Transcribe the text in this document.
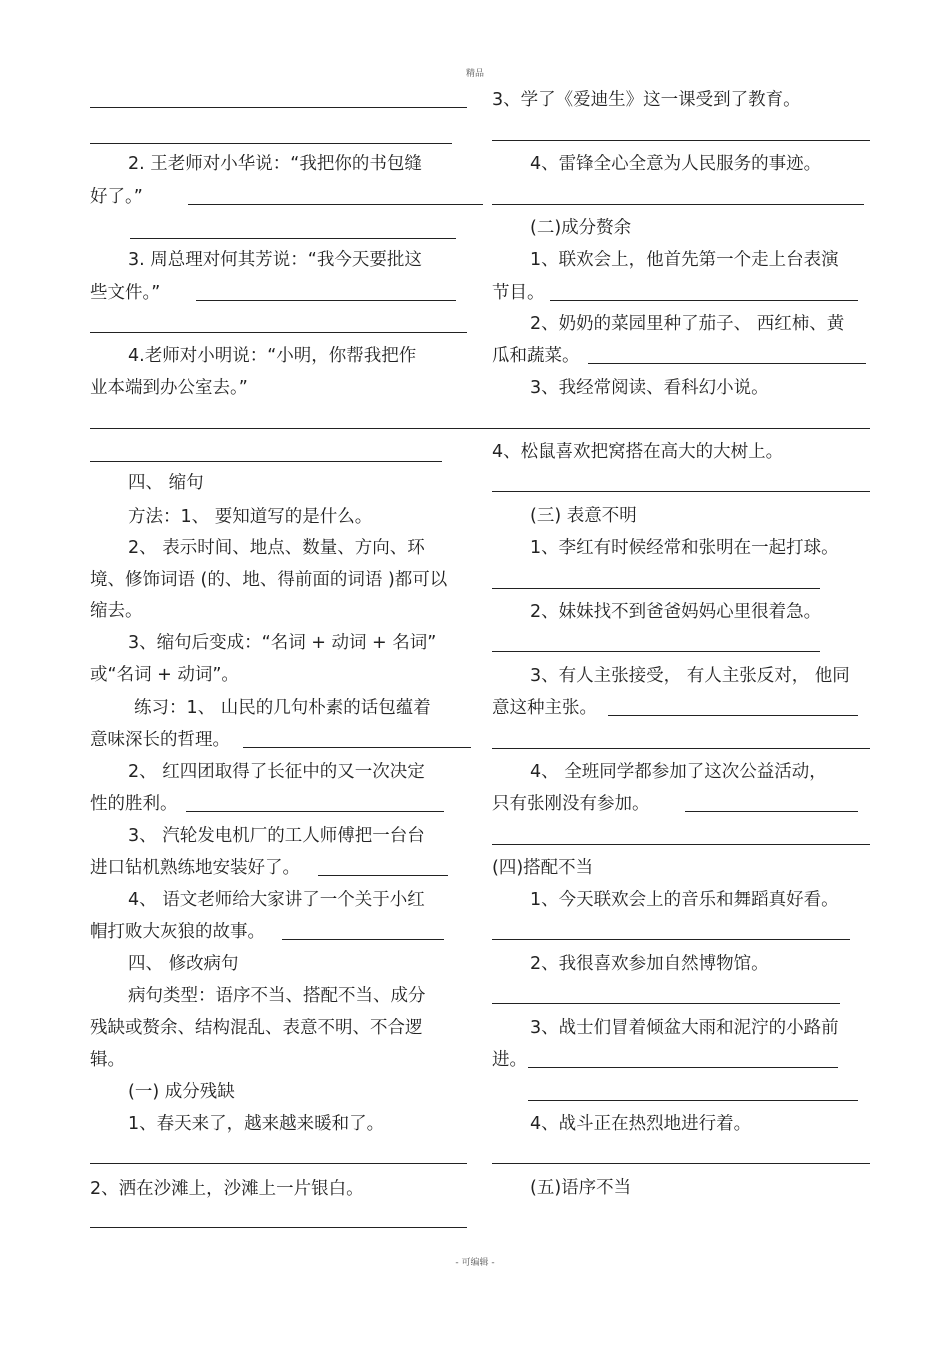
精品
2. 王老师对小华说：“我把你的书包缝
好了。”
3. 周总理对何其芳说：“我今天要批这
些文件。”
4.老师对小明说：“小明，你帮我把作
业本端到办公室去。”
四、 缩句
方法：1、 要知道写的是什么。
2、 表示时间、地点、数量、方向、环
境、修饰词语 (的、地、得前面的词语 )都可以
缩去。
3、缩句后变成：“名词 + 动词 + 名词”
或“名词 + 动词”。
练习：1、 山民的几句朴素的话包蕴着
意味深长的哲理。
2、 红四团取得了长征中的又一次决定
性的胜利。
3、 汽轮发电机厂的工人师傅把一台台
进口钻机熟练地安装好了。
4、 语文老师给大家讲了一个关于小红
帽打败大灰狼的故事。
四、 修改病句
病句类型：语序不当、搭配不当、成分
残缺或赘余、结构混乱、表意不明、不合逻
辑。
(一) 成分残缺
1、春天来了，越来越来暖和了。
2、洒在沙滩上，沙滩上一片银白。
3、学了《爱迪生》这一课受到了教育。
4、雷锋全心全意为人民服务的事迹。
(二)成分赘余
1、联欢会上，他首先第一个走上台表演
节目。
2、奶奶的菜园里种了茄子、 西红柿、黄
瓜和蔬菜。
3、我经常阅读、看科幻小说。
4、松鼠喜欢把窝搭在高大的大树上。
(三) 表意不明
1、李红有时候经常和张明在一起打球。
2、妹妹找不到爸爸妈妈心里很着急。
3、有人主张接受， 有人主张反对， 他同
意这种主张。
4、 全班同学都参加了这次公益活动，
只有张刚没有参加。
(四)搭配不当
1、今天联欢会上的音乐和舞蹈真好看。
2、我很喜欢参加自然博物馆。
3、战士们冒着倾盆大雨和泥泞的小路前
进。
4、战斗正在热烈地进行着。
(五)语序不当
- 可编辑 -
